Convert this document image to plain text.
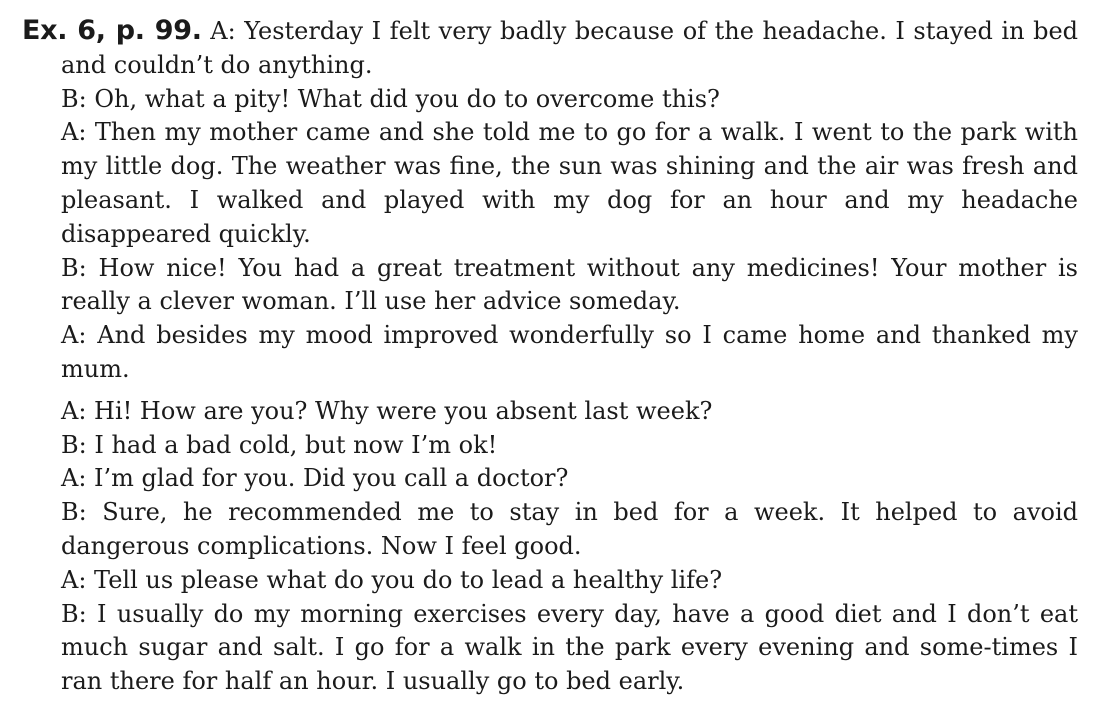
Ex. 6, p. 99. A: Yesterday I felt very badly because of the headache. I stayed in bed and couldn’t do anything.

B: Oh, what a pity! What did you do to overcome this?

A: Then my mother came and she told me to go for a walk. I went to the park with my little dog. The weather was fine, the sun was shining and the air was fresh and pleasant. I walked and played with my dog for an hour and my headache disappeared quickly.

B: How nice! You had a great treatment without any medicines! Your mother is really a clever woman. I’ll use her advice someday.

A: And besides my mood improved wonderfully so I came home and thanked my mum.

A: Hi! How are you? Why were you absent last week?

B: I had a bad cold, but now I’m ok!

A: I’m glad for you. Did you call a doctor?

B: Sure, he recommended me to stay in bed for a week. It helped to avoid dangerous complications. Now I feel good.

A: Tell us please what do you do to lead a healthy life?

B: I usually do my morning exercises every day, have a good diet and I don’t eat much sugar and salt. I go for a walk in the park every evening and some-times I ran there for half an hour. I usually go to bed early.
